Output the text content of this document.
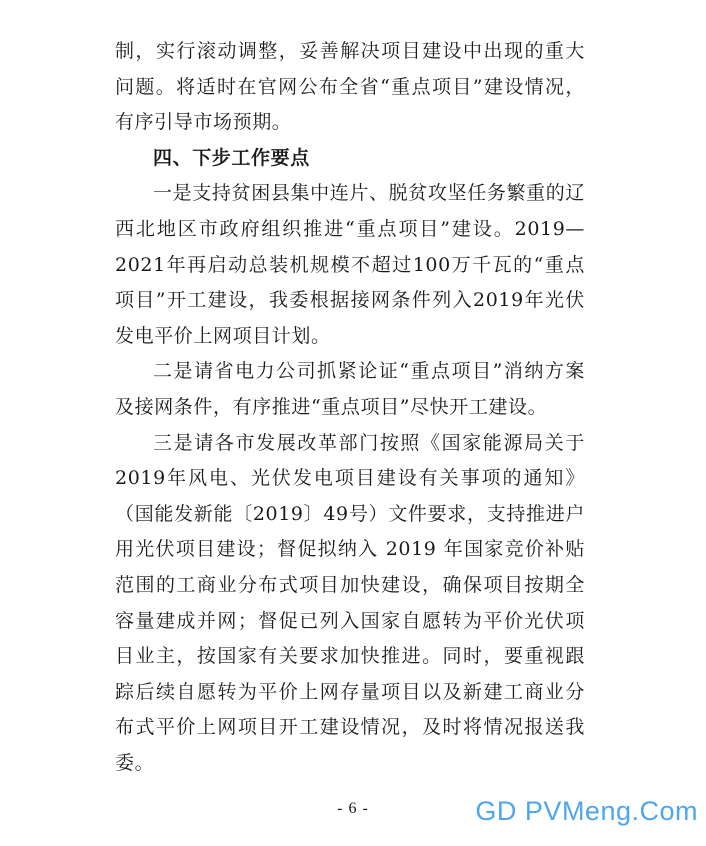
制，实行滚动调整，妥善解决项目建设中出现的重大问题。将适时在官网公布全省“重点项目”建设情况，有序引导市场预期。

四、下步工作要点

一是支持贫困县集中连片、脱贫攻坚任务繁重的辽西北地区市政府组织推进“重点项目”建设。2019—2021年再启动总装机规模不超过100万千瓦的“重点项目”开工建设，我委根据接网条件列入2019年光伏发电平价上网项目计划。

二是请省电力公司抓紧论证“重点项目”消纳方案及接网条件，有序推进“重点项目”尽快开工建设。

三是请各市发展改革部门按照《国家能源局关于 2019年风电、光伏发电项目建设有关事项的通知》（国能发新能〔2019〕49号）文件要求，支持推进户用光伏项目建设；督促拟纳入 2019 年国家竞价补贴范围的工商业分布式项目加快建设，确保项目按期全容量建成并网；督促已列入国家自愿转为平价光伏项目业主，按国家有关要求加快推进。同时，要重视跟踪后续自愿转为平价上网存量项目以及新建工商业分布式平价上网项目开工建设情况，及时将情况报送我委。

- 6 -	GD PVMeng.Com
